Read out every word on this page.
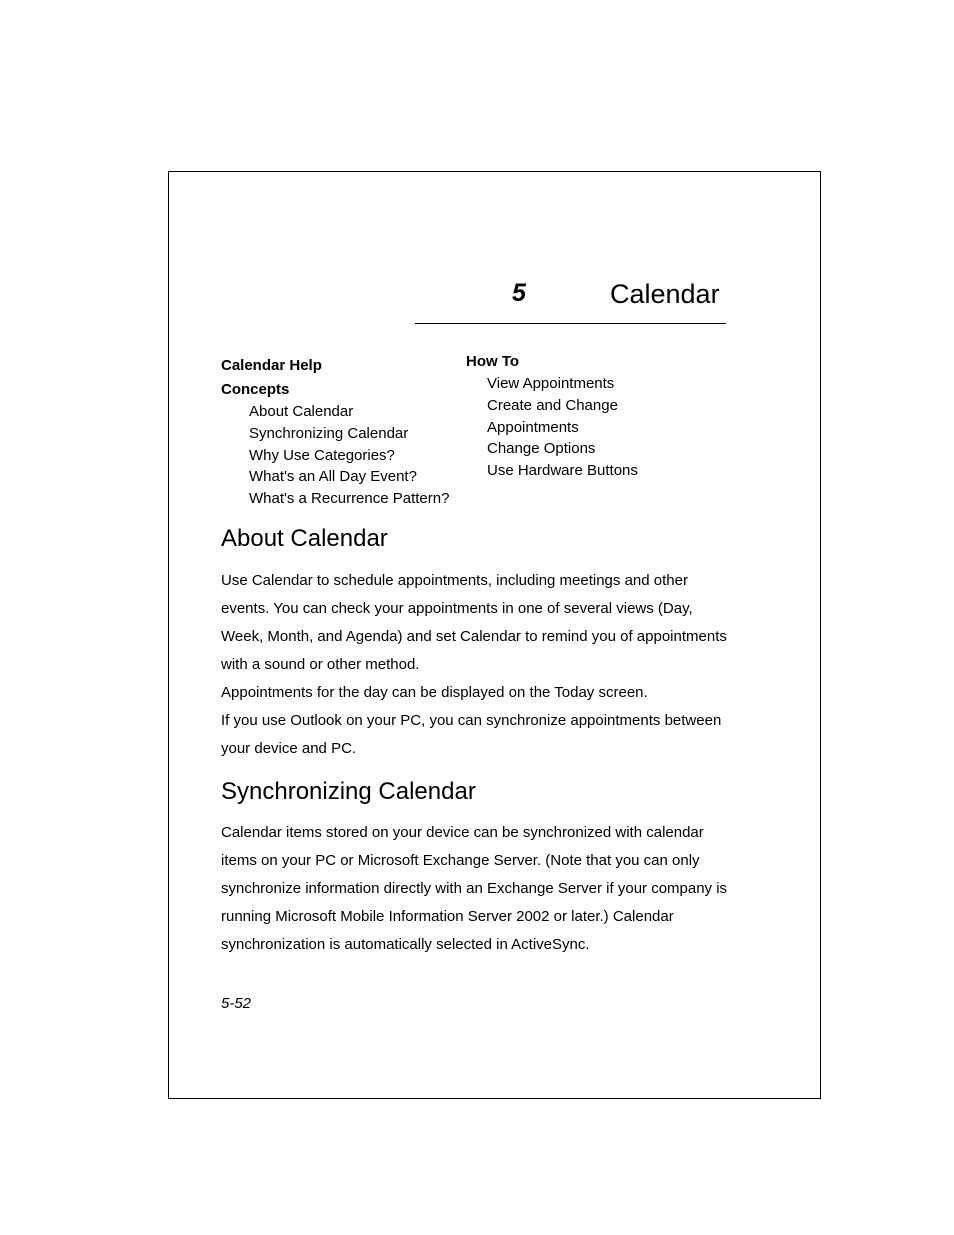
5	Calendar
Calendar Help
Concepts
About Calendar
Synchronizing Calendar
Why Use Categories?
What's an All Day Event?
What's a Recurrence Pattern?
How To
View Appointments
Create and Change
Appointments
Change Options
Use Hardware Buttons
About Calendar

Use Calendar to schedule appointments, including meetings and other events. You can check your appointments in one of several views (Day, Week, Month, and Agenda) and set Calendar to remind you of appointments with a sound or other method.

Appointments for the day can be displayed on the Today screen.

If you use Outlook on your PC, you can synchronize appointments between your device and PC.

Synchronizing Calendar

Calendar items stored on your device can be synchronized with calendar items on your PC or Microsoft Exchange Server. (Note that you can only synchronize information directly with an Exchange Server if your company is running Microsoft Mobile Information Server 2002 or later.) Calendar synchronization is automatically selected in ActiveSync.

5-52
